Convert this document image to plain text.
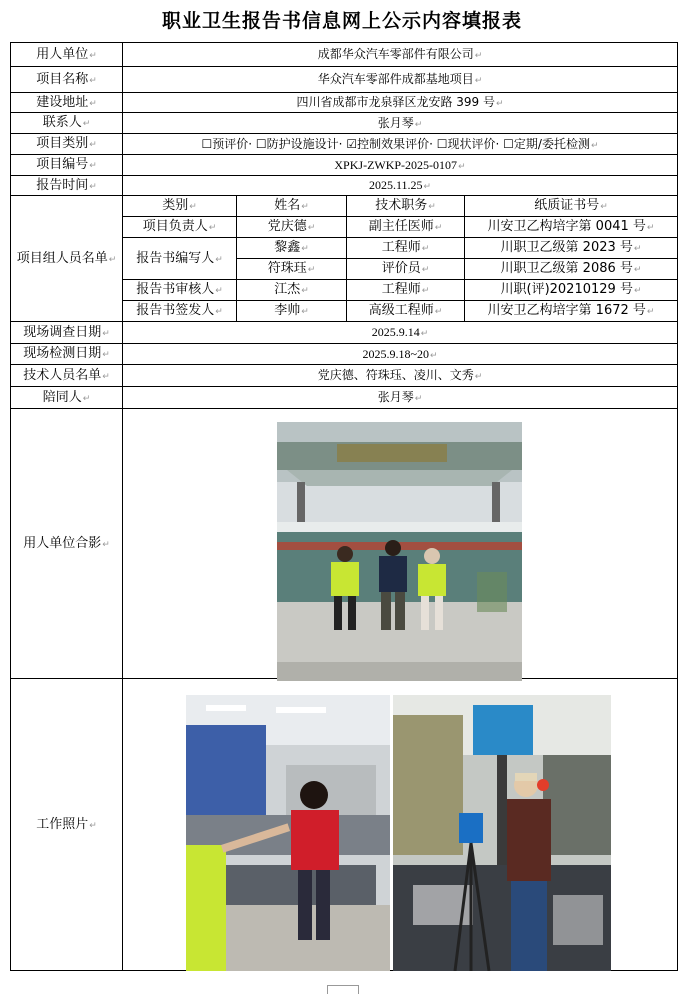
职业卫生报告书信息网上公示内容填报表
用人单位↵	成都华众汽车零部件有限公司↵			
项目名称↵	华众汽车零部件成都基地项目↵			
建设地址↵	四川省成都市龙泉驿区龙安路 399 号↵			
联系人↵	张月琴↵			
项目类别↵	☐预评价· ☐防护设施设计· ☑控制效果评价· ☐现状评价· ☐定期/委托检测↵			
项目编号↵	XPKJ-ZWKP-2025-0107↵			
报告时间↵	2025.11.25↵			
项目组人员名单↵	类别↵	姓名↵	技术职务↵	纸质证书号↵
	项目负责人↵	党庆德↵	副主任医师↵	川安卫乙构培字第 0041 号↵
	报告书编写人↵	黎鑫↵	工程师↵	川职卫乙级第 2023 号↵
		符珠珏↵	评价员↵	川职卫乙级第 2086 号↵
	报告书审核人↵	江杰↵	工程师↵	川职(评)20210129 号↵
	报告书签发人↵	李帅↵	高级工程师↵	川安卫乙构培字第 1672 号↵
现场调查日期↵	2025.9.14↵			
现场检测日期↵	2025.9.18~20↵			
技术人员名单↵	党庆德、符珠珏、凌川、文秀↵			
陪同人↵	张月琴↵			
用人单位合影↵				
工作照片↵				
